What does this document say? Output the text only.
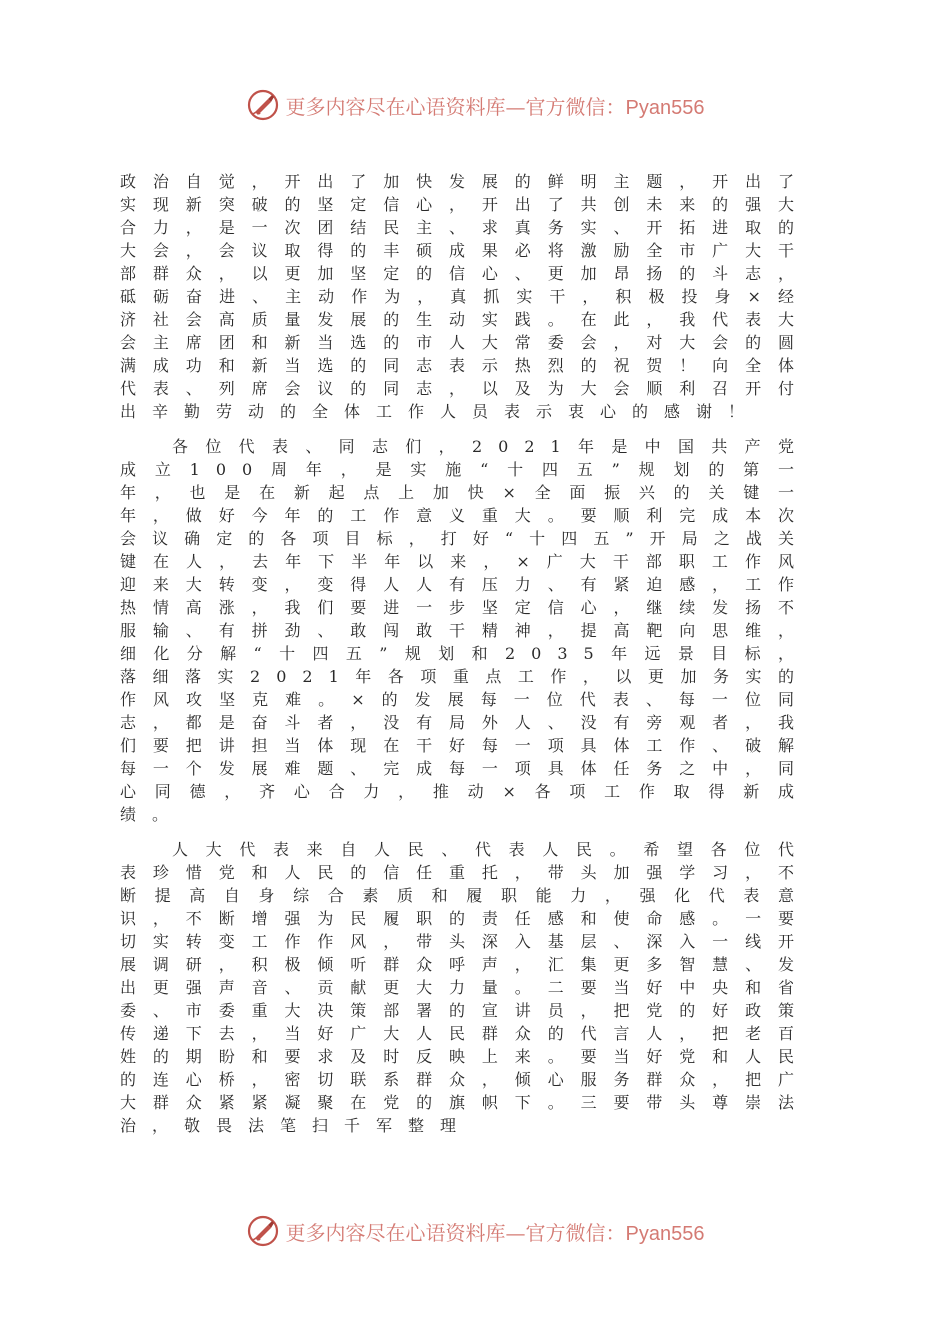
更多内容尽在心语资料库—官方微信：Pyan556

政治自觉，开出了加快发展的鲜明主题，开出了实现新突破的坚定信心，开出了共创未来的强大合力，是一次团结民主、求真务实、开拓进取的大会，会议取得的丰硕成果必将激励全市广大干部群众，以更加坚定的信心、更加昂扬的斗志，砥砺奋进、主动作为，真抓实干，积极投身×经济社会高质量发展的生动实践。在此，我代表大会主席团和新当选的市人大常委会，对大会的圆满成功和新当选的同志表示热烈的祝贺！向全体代表、列席会议的同志，以及为大会顺利召开付出辛勤劳动的全体工作人员表示衷心的感谢！

各位代表、同志们，2021年是中国共产党成立100周年，是实施“十四五”规划的第一年，也是在新起点上加快×全面振兴的关键一年，做好今年的工作意义重大。要顺利完成本次会议确定的各项目标，打好“十四五”开局之战关键在人，去年下半年以来，×广大干部职工作风迎来大转变，变得人人有压力、有紧迫感，工作热情高涨，我们要进一步坚定信心，继续发扬不服输、有拼劲、敢闯敢干精神，提高靶向思维，细化分解“十四五”规划和2035年远景目标，落细落实2021年各项重点工作，以更加务实的作风攻坚克难。×的发展每一位代表、每一位同志，都是奋斗者，没有局外人、没有旁观者，我们要把讲担当体现在干好每一项具体工作、破解每一个发展难题、完成每一项具体任务之中，同心同德，齐心合力，推动×各项工作取得新成绩。

人大代表来自人民、代表人民。希望各位代表珍惜党和人民的信任重托，带头加强学习，不断提高自身综合素质和履职能力，强化代表意识，不断增强为民履职的责任感和使命感。一要切实转变工作作风，带头深入基层、深入一线开展调研，积极倾听群众呼声，汇集更多智慧、发出更强声音、贡献更大力量。二要当好中央和省委、市委重大决策部署的宣讲员，把党的好政策传递下去，当好广大人民群众的代言人，把老百姓的期盼和要求及时反映上来。要当好党和人民的连心桥，密切联系群众，倾心服务群众，把广大群众紧紧凝聚在党的旗帜下。三要带头尊崇法治，敬畏法笔扫千军整理

更多内容尽在心语资料库—官方微信：Pyan556
